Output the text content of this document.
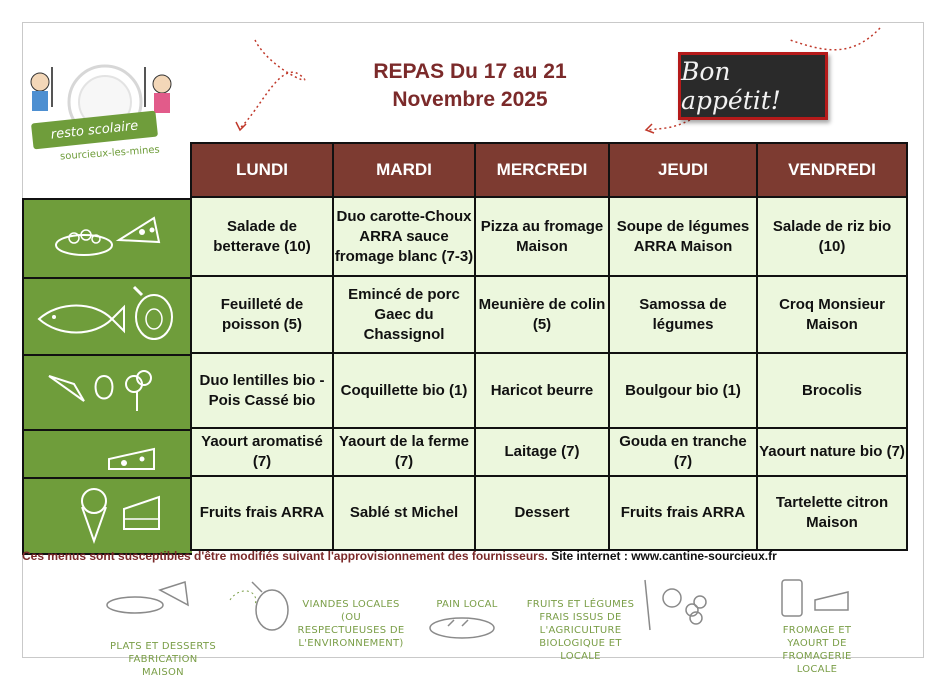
resto scolaire
sourcieux-les-mines
REPAS Du 17 au 21
Novembre 2025
Bon appétit!
LUNDI	MARDI	MERCREDI	JEUDI	VENDREDI
Salade de betterave (10)	Duo carotte-Choux ARRA sauce fromage blanc (7-3)	Pizza au fromage Maison	Soupe de légumes ARRA Maison	Salade de riz bio (10)
Feuilleté de poisson (5)	Emincé de porc Gaec du Chassignol	Meunière de colin (5)	Samossa de légumes	Croq Monsieur Maison
Duo lentilles bio - Pois Cassé bio	Coquillette bio (1)	Haricot beurre	Boulgour bio (1)	Brocolis
Yaourt aromatisé (7)	Yaourt de la ferme (7)	Laitage (7)	Gouda en tranche (7)	Yaourt nature bio (7)
Fruits frais ARRA	Sablé st Michel	Dessert	Fruits frais ARRA	Tartelette citron Maison
Ces menus sont susceptibles d'être modifiés suivant l'approvisionnement des fournisseurs. Site internet : www.cantine-sourcieux.fr
PLATS ET DESSERTS FABRICATION MAISON
VIANDES LOCALES (OU RESPECTUEUSES DE L'ENVIRONNEMENT)
PAIN LOCAL	FRUITS ET LÉGUMES FRAIS ISSUS DE L'AGRICULTURE BIOLOGIQUE ET LOCALE
FROMAGE ET YAOURT DE FROMAGERIE LOCALE
